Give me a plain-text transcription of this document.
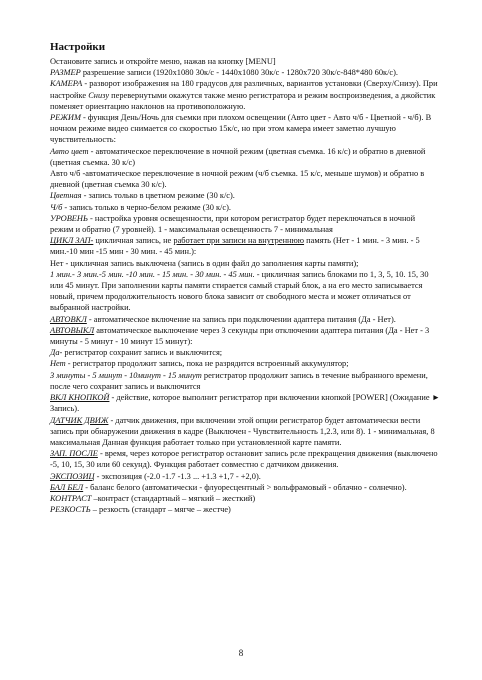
Настройки

Остановите запись и откройте меню, нажав на кнопку [MENU]

РАЗМЕР разрешение записи (1920x1080 30к/с - 1440x1080 30к/с - 1280x720 30к/с-848*480 60к/с).

КАМЕРА - разворот изображения на 180 градусов для различных, вариантов установки (Сверху/Снизу). При настройке Снизу перевернутыми окажутся также меню регистратора и режим воспроизведения, а джойстик поменяет ориентацию наклонов на противоположную.

РЕЖИМ - функция День/Ночь для съемки при плохом освещении (Авто цвет - Авто ч/б - Цветной - ч/б). В ночном режиме видео снимается со скоростью 15к/с, но при этом камера имеет заметно лучшую чувствительность:

Авто цвет - автоматическое переключение в ночной режим (цветная съемка. 16 к/с) и обратно в дневной (цветная съемка. 30 к/с)

Авто ч/б -автоматическое переключение в ночной режим (ч/б съемка. 15 к/с, меньше шумов) и обратно в дневной (цветная съемка 30 к/с).

Цветная - запись только в цветном режиме (30 к/с).

Ч/б - запись только в черно-белом режиме (30 к/с).

УРОВЕНЬ - настройка уровня освещенности, при котором регистратор будет переключаться в ночной режим и обратно (7 уровней). 1 - максимальная освещенность 7 - минимальная

ЦИКЛ ЗАП- цикличная запись, не работает при записи на внутреннюю память (Нет - 1 мин. - 3 мин. - 5 мин.-10 мин -15 мин - 30 мин. - 45 мин.):

Нет - цикличная запись выключена (запись в один файл до заполнения карты памяти);

1 мин.- 3 мин.-5 мин. -10 мин. - 15 мин. - 30 мин. - 45 мин. - цикличная запись блоками по 1, 3, 5, 10. 15, 30 или 45 минут. При заполнении карты памяти стирается самый старый блок, а на его место записывается новый, причем продолжительность нового блока зависит от свободного места и может отличаться от выбранной настройки.

АВТОВКЛ - автоматическое включение на запись при подключении адаптера питания (Да - Нет).

АВТОВЫКЛ автоматическое выключение через 3 секунды при отключении адаптера питания (Да - Нет - 3 минуты - 5 минут - 10 минут 15 минут):

Да- регистратор сохранит запись и выключится;

Нет - регистратор продолжит запись, пока не разрядится встроенный аккумулятор;

3 минуты - 5 минут - 10минут - 15 минут регистратор продолжит запись в течение выбранного времени, после чего сохранит запись и выключится

ВКЛ КНОПКОЙ - действие, которое выполнит регистратор при включении кнопкой [POWER] (Ожидание ► Запись).

ДАТЧИК ДВИЖ - датчик движения, при включении этой опции регистратор будет автоматически вести запись при обнаружении движения в кадре (Выключен - Чувствительность 1,2.3, или 8). 1 - минимальная, 8 максимальная Данная функция работает только при установленной карте памяти.

ЗАП. ПОСЛЕ - время, через которое регистратор остановит запись рсле прекращения движения (выключено -5, 10, 15, 30 или 60 секунд). Функция работает совместно с датчиком движения.

ЭКСПОЗИЦ - экспозиция (-2.0 -1.7 -1.3 ... +1.3 +1,7 - +2,0).

БАЛ БЕЛ - баланс белого (автоматически - флуоресцентный > вольфрамовый - облачно - солнечно).

КОНТРАСТ –контраст (стандартный – мягкий – жесткий)

РЕЗКОСТЬ – резкость (стандарт – мягче – жестче)

8
